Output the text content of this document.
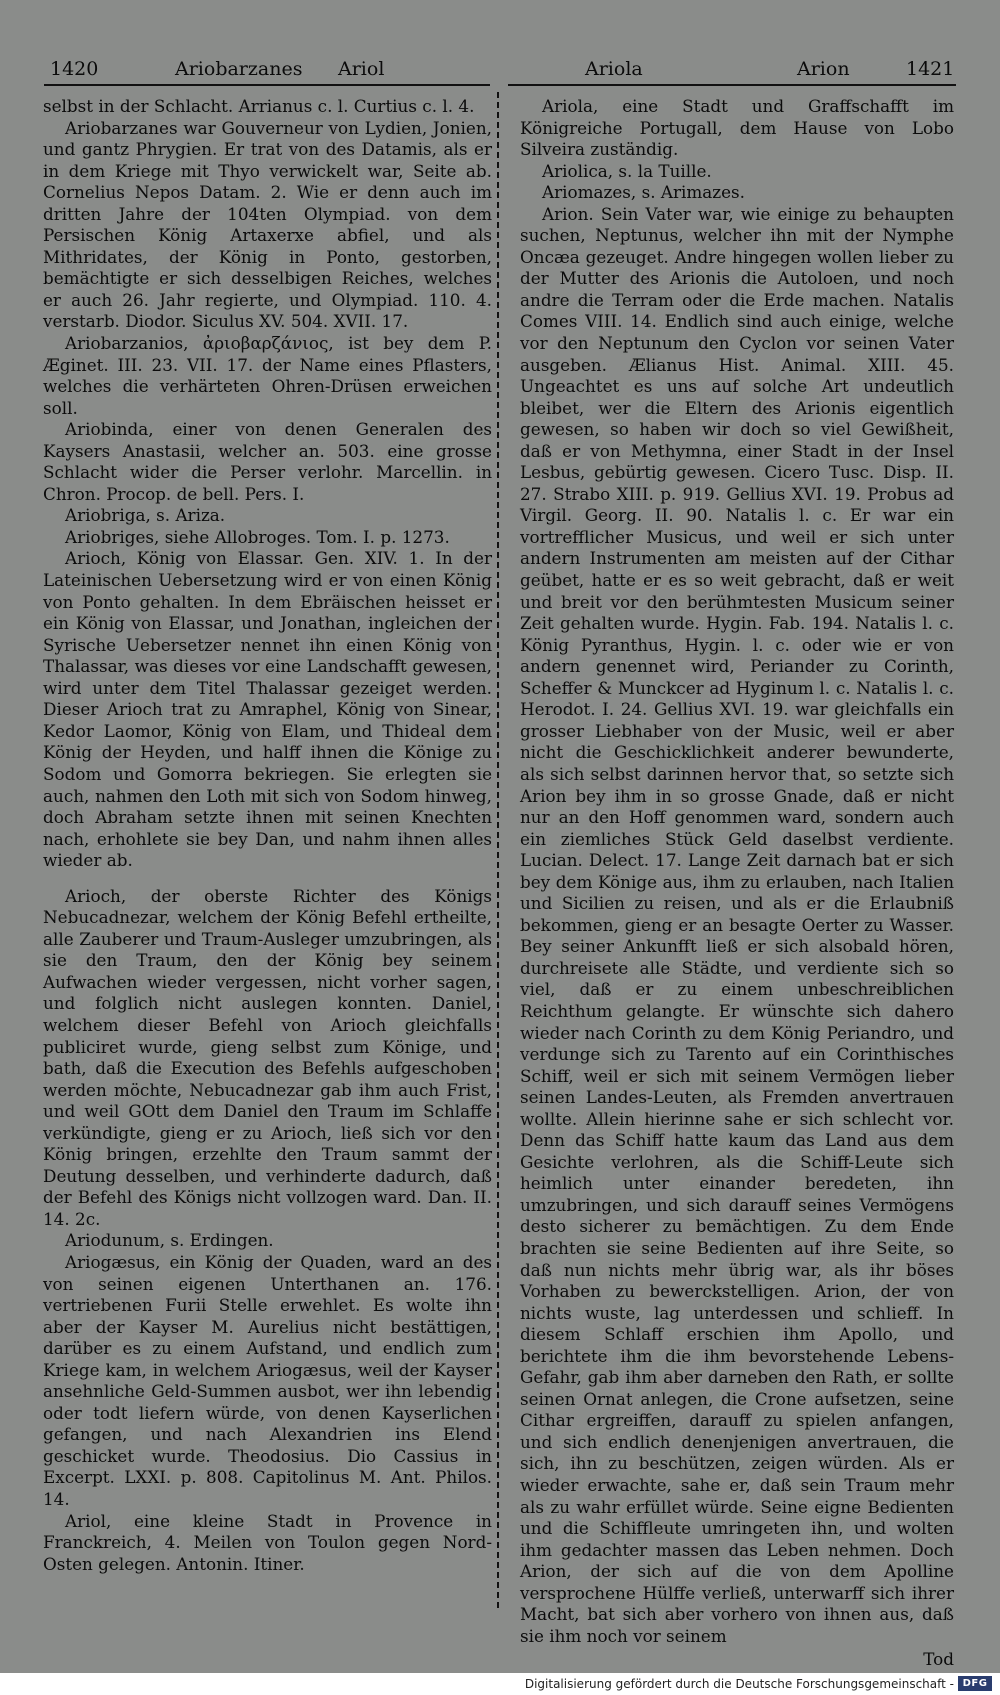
1420	Ariobarzanes Ariol	Ariola	Arion	1421

selbst in der Schlacht. Arrianus c. l. Curtius c. l. 4.

Ariobarzanes war Gouverneur von Lydien, Jonien, und gantz Phrygien. Er trat von des Datamis, als er in dem Kriege mit Thyo verwickelt war, Seite ab. Cornelius Nepos Datam. 2. Wie er denn auch im dritten Jahre der 104ten Olympiad. von dem Persischen König Artaxerxe abfiel, und als Mithridates, der König in Ponto, gestorben, bemächtigte er sich desselbigen Reiches, welches er auch 26. Jahr regierte, und Olympiad. 110. 4. verstarb. Diodor. Siculus XV. 504. XVII. 17.

Ariobarzanios, ἀριοβαρζάνιος, ist bey dem P. Æginet. III. 23. VII. 17. der Name eines Pflasters, welches die verhärteten Ohren-Drüsen erweichen soll.

Ariobinda, einer von denen Generalen des Kaysers Anastasii, welcher an. 503. eine grosse Schlacht wider die Perser verlohr. Marcellin. in Chron. Procop. de bell. Pers. I.

Ariobriga, s. Ariza.

Ariobriges, siehe Allobroges. Tom. I. p. 1273.

Arioch, König von Elassar. Gen. XIV. 1. In der Lateinischen Uebersetzung wird er von einen König von Ponto gehalten. In dem Ebräischen heisset er ein König von Elassar, und Jonathan, ingleichen der Syrische Uebersetzer nennet ihn einen König von Thalassar, was dieses vor eine Landschafft gewesen, wird unter dem Titel Thalassar gezeiget werden. Dieser Arioch trat zu Amraphel, König von Sinear, Kedor Laomor, König von Elam, und Thideal dem König der Heyden, und halff ihnen die Könige zu Sodom und Gomorra bekriegen. Sie erlegten sie auch, nahmen den Loth mit sich von Sodom hinweg, doch Abraham setzte ihnen mit seinen Knechten nach, erhohlete sie bey Dan, und nahm ihnen alles wieder ab.

Arioch, der oberste Richter des Königs Nebucadnezar, welchem der König Befehl ertheilte, alle Zauberer und Traum-Ausleger umzubringen, als sie den Traum, den der König bey seinem Aufwachen wieder vergessen, nicht vorher sagen, und folglich nicht auslegen konnten. Daniel, welchem dieser Befehl von Arioch gleichfalls publiciret wurde, gieng selbst zum Könige, und bath, daß die Execution des Befehls aufgeschoben werden möchte, Nebucadnezar gab ihm auch Frist, und weil GOtt dem Daniel den Traum im Schlaffe verkündigte, gieng er zu Arioch, ließ sich vor den König bringen, erzehlte den Traum sammt der Deutung desselben, und verhinderte dadurch, daß der Befehl des Königs nicht vollzogen ward. Dan. II. 14. 2c.

Ariodunum, s. Erdingen.

Ariogæsus, ein König der Quaden, ward an des von seinen eigenen Unterthanen an. 176. vertriebenen Furii Stelle erwehlet. Es wolte ihn aber der Kayser M. Aurelius nicht bestättigen, darüber es zu einem Aufstand, und endlich zum Kriege kam, in welchem Ariogæsus, weil der Kayser ansehnliche Geld-Summen ausbot, wer ihn lebendig oder todt liefern würde, von denen Kayserlichen gefangen, und nach Alexandrien ins Elend geschicket wurde. Theodosius. Dio Cassius in Excerpt. LXXI. p. 808. Capitolinus M. Ant. Philos. 14.

Ariol, eine kleine Stadt in Provence in Franckreich, 4. Meilen von Toulon gegen Nord-Osten gelegen. Antonin. Itiner.

Ariola, eine Stadt und Graffschafft im Königreiche Portugall, dem Hause von Lobo Silveira zuständig.

Ariolica, s. la Tuille.

Ariomazes, s. Arimazes.

Arion. Sein Vater war, wie einige zu behaupten suchen, Neptunus, welcher ihn mit der Nymphe Oncæa gezeuget. Andre hingegen wollen lieber zu der Mutter des Arionis die Autoloen, und noch andre die Terram oder die Erde machen. Natalis Comes VIII. 14. Endlich sind auch einige, welche vor den Neptunum den Cyclon vor seinen Vater ausgeben. Ælianus Hist. Animal. XIII. 45. Ungeachtet es uns auf solche Art undeutlich bleibet, wer die Eltern des Arionis eigentlich gewesen, so haben wir doch so viel Gewißheit, daß er von Methymna, einer Stadt in der Insel Lesbus, gebürtig gewesen. Cicero Tusc. Disp. II. 27. Strabo XIII. p. 919. Gellius XVI. 19. Probus ad Virgil. Georg. II. 90. Natalis l. c. Er war ein vortrefflicher Musicus, und weil er sich unter andern Instrumenten am meisten auf der Cithar geübet, hatte er es so weit gebracht, daß er weit und breit vor den berühmtesten Musicum seiner Zeit gehalten wurde. Hygin. Fab. 194. Natalis l. c. König Pyranthus, Hygin. l. c. oder wie er von andern genennet wird, Periander zu Corinth, Scheffer & Munckcer ad Hyginum l. c. Natalis l. c. Herodot. I. 24. Gellius XVI. 19. war gleichfalls ein grosser Liebhaber von der Music, weil er aber nicht die Geschicklichkeit anderer bewunderte, als sich selbst darinnen hervor that, so setzte sich Arion bey ihm in so grosse Gnade, daß er nicht nur an den Hoff genommen ward, sondern auch ein ziemliches Stück Geld daselbst verdiente. Lucian. Delect. 17. Lange Zeit darnach bat er sich bey dem Könige aus, ihm zu erlauben, nach Italien und Sicilien zu reisen, und als er die Erlaubniß bekommen, gieng er an besagte Oerter zu Wasser. Bey seiner Ankunfft ließ er sich alsobald hören, durchreisete alle Städte, und verdiente sich so viel, daß er zu einem unbeschreiblichen Reichthum gelangte. Er wünschte sich dahero wieder nach Corinth zu dem König Periandro, und verdunge sich zu Tarento auf ein Corinthisches Schiff, weil er sich mit seinem Vermögen lieber seinen Landes-Leuten, als Fremden anvertrauen wollte. Allein hierinne sahe er sich schlecht vor. Denn das Schiff hatte kaum das Land aus dem Gesichte verlohren, als die Schiff-Leute sich heimlich unter einander beredeten, ihn umzubringen, und sich darauff seines Vermögens desto sicherer zu bemächtigen. Zu dem Ende brachten sie seine Bedienten auf ihre Seite, so daß nun nichts mehr übrig war, als ihr böses Vorhaben zu bewerckstelligen. Arion, der von nichts wuste, lag unterdessen und schlieff. In diesem Schlaff erschien ihm Apollo, und berichtete ihm die ihm bevorstehende Lebens-Gefahr, gab ihm aber darneben den Rath, er sollte seinen Ornat anlegen, die Crone aufsetzen, seine Cithar ergreiffen, darauff zu spielen anfangen, und sich endlich denenjenigen anvertrauen, die sich, ihn zu beschützen, zeigen würden. Als er wieder erwachte, sahe er, daß sein Traum mehr als zu wahr erfüllet würde. Seine eigne Bedienten und die Schiffleute umringeten ihn, und wolten ihm gedachter massen das Leben nehmen. Doch Arion, der sich auf die von dem Apolline versprochene Hülffe verließ, unterwarff sich ihrer Macht, bat sich aber vorhero von ihnen aus, daß sie ihm noch vor seinem

Tod

Digitalisierung gefördert durch die Deutsche Forschungsgemeinschaft - DFG
